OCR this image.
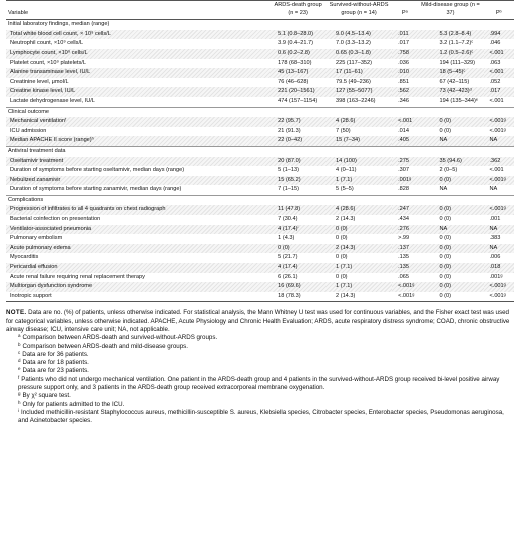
Variable	ARDS-death group (n = 23)	Survived-without-ARDS group (n = 14)	Pᵃ	Mild-disease group (n = 37)	Pᵇ
Initial laboratory findings, median (range)					
Total white blood cell count, × 10⁹ cells/L	5.1 (0.8–28.0)	9.0 (4.5–13.4)	.011	5.3 (2.8–8.4)	.994
Neutrophil count, ×10⁹ cells/L	3.9 (0.4–21.7)	7.0 (3.3–13.2)	.017	3.2 (1.1–7.2)ᶜ	.046
Lymphocyte count, ×10⁹ cells/L	0.6 (0.2–2.8)	0.65 (0.3–1.8)	.758	1.2 (0.5–2.6)ᶜ	<.001
Platelet count, ×10⁹ platelets/L	178 (68–310)	225 (117–352)	.036	194 (111–329)	.063
Alanine transaminase level, IU/L	45 (13–167)	17 (11–61)	.010	18 (5–45)ᶜ	<.001
Creatinine level, μmol/L	76 (46–628)	79.5 (49–236)	.851	67 (42–115)	.052
Creatine kinase level, IU/L	221 (20–1561)	127 (55–5077)	.562	73 (42–423)ᵈ	.017
Lactate dehydrogenase level, IU/L	474 (157–1154)	398 (163–2246)	.346	194 (135–344)ᵉ	<.001
Clinical outcome					
Mechanical ventilationᶠ	22 (95.7)	4 (28.6)	<.001	0 (0)	<.001ᵍ
ICU admission	21 (91.3)	7 (50)	.014	0 (0)	<.001ᵍ
Median APACHE II score (range)ʰ	22 (0–42)	15 (7–34)	.405	NA	NA
Antiviral treatment data					
Oseltamivir treatment	20 (87.0)	14 (100)	.275	35 (94.6)	.362
Duration of symptoms before starting oseltamivir, median days (range)	5 (1–13)	4 (0–11)	.307	2 (0–5)	<.001
Nebulized zanamivir	15 (65.2)	1 (7.1)	.001ᵍ	0 (0)	<.001ᵍ
Duration of symptoms before starting zanamivir, median days (range)	7 (1–15)	5 (5–5)	.828	NA	NA
Complications					
Progression of infiltrates to all 4 quadrants on chest radiograph	11 (47.8)	4 (28.6)	.247	0 (0)	<.001ᵍ
Bacterial coinfection on presentation	7 (30.4)	2 (14.3)	.434	0 (0)	.001
Ventilator-associated pneumonia	4 (17.4)ⁱ	0 (0)	.276	NA	NA
Pulmonary embolism	1 (4.3)	0 (0)	>.99	0 (0)	.383
Acute pulmonary edema	0 (0)	2 (14.3)	.137	0 (0)	NA
Myocarditis	5 (21.7)	0 (0)	.135	0 (0)	.006
Pericardial effusion	4 (17.4)	1 (7.1)	.135	0 (0)	.018
Acute renal failure requiring renal replacement therapy	6 (26.1)	0 (0)	.065	0 (0)	.001ᵍ
Multiorgan dysfunction syndrome	16 (69.6)	1 (7.1)	<.001ᵍ	0 (0)	<.001ᵍ
Inotropic support	18 (78.3)	2 (14.3)	<.001ᵍ	0 (0)	<.001ᵍ
NOTE. Data are no. (%) of patients, unless otherwise indicated. For statistical analysis, the Mann Whitney U test was used for continuous variables, and the Fisher exact test was used for categorical variables, unless otherwise indicated. APACHE, Acute Physiology and Chronic Health Evaluation; ARDS, acute respiratory distress syndrome; COAD, chronic obstructive airway disease; ICU, intensive care unit; NA, not applicable.
$^a$ Comparison between ARDS-death and survived-without-ARDS groups.
$^b$ Comparison between ARDS-death and mild-disease groups.
$^c$ Data are for 36 patients.
$^d$ Data are for 18 patients.
$^e$ Data are for 23 patients.
$^f$ Patients who did not undergo mechanical ventilation. One patient in the ARDS-death group and 4 patients in the survived-without-ARDS group received bi-level positive airway pressure support only, and 3 patients in the ARDS-death group received extracorporeal membrane oxygenation.
$^g$ By χ² square test.
$^h$ Only for patients admitted to the ICU.
$^i$ Included methicillin-resistant Staphylococcus aureus, methicillin-susceptible S. aureus, Klebsiella species, Citrobacter species, Enterobacter species, Pseudomonas aeruginosa, and Acinetobacter species.
